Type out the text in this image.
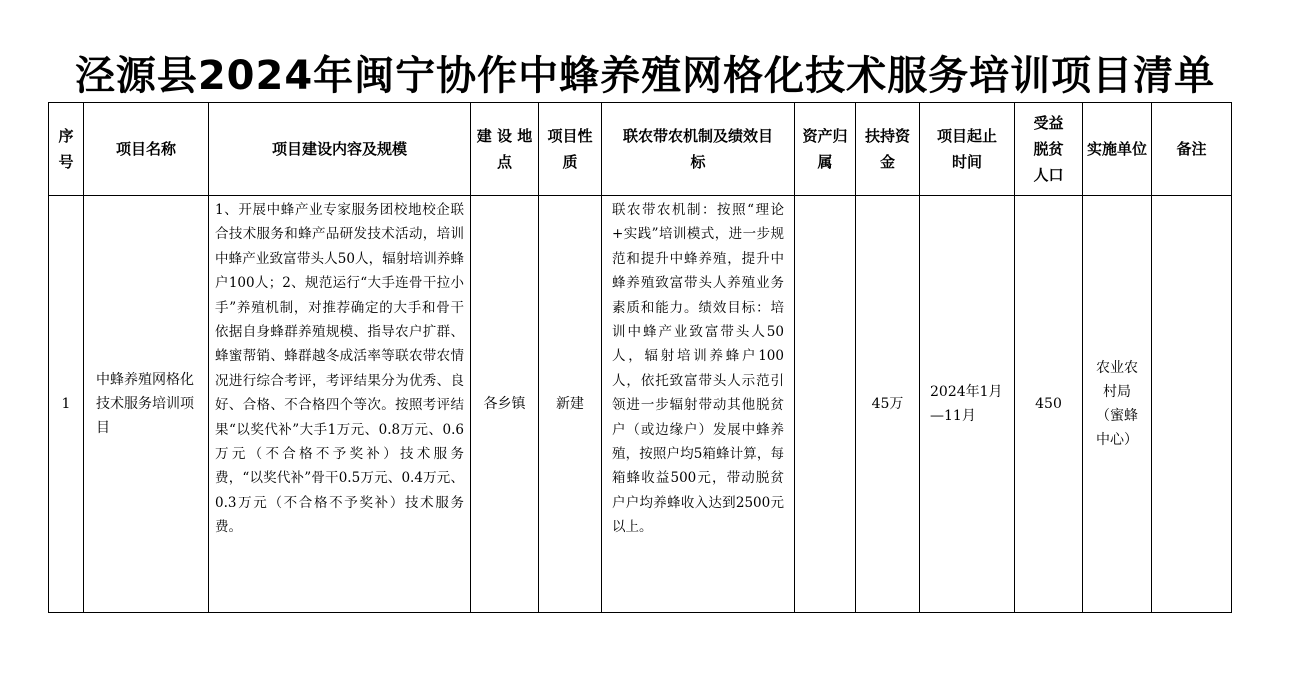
泾源县2024年闽宁协作中蜂养殖网格化技术服务培训项目清单
序号	项目名称	项目建设内容及规模	建 设 地 点	项目性质	联农带农机制及绩效目标	资产归属	扶持资金	项目起止时间	受益脱贫人口	实施单位	备注
1	中蜂养殖网格化技术服务培训项目	1、开展中蜂产业专家服务团校地校企联合技术服务和蜂产品研发技术活动，培训中蜂产业致富带头人50人，辐射培训养蜂户100人；2、规范运行“大手连骨干拉小手”养殖机制，对推荐确定的大手和骨干依据自身蜂群养殖规模、指导农户扩群、蜂蜜帮销、蜂群越冬成活率等联农带农情况进行综合考评，考评结果分为优秀、良好、合格、不合格四个等次。按照考评结果“以奖代补”大手1万元、0.8万元、0.6万元（不合格不予奖补）技术服务费，“以奖代补”骨干0.5万元、0.4万元、0.3万元（不合格不予奖补）技术服务费。	各乡镇	新建	联农带农机制：按照“理论+实践”培训模式，进一步规范和提升中蜂养殖，提升中蜂养殖致富带头人养殖业务素质和能力。绩效目标：培训中蜂产业致富带头人50人，辐射培训养蜂户100人，依托致富带头人示范引领进一步辐射带动其他脱贫户（或边缘户）发展中蜂养殖，按照户均5箱蜂计算，每箱蜂收益500元，带动脱贫户户均养蜂收入达到2500元以上。		45万	2024年1月—11月	450	农业农村局（蜜蜂中心）	
